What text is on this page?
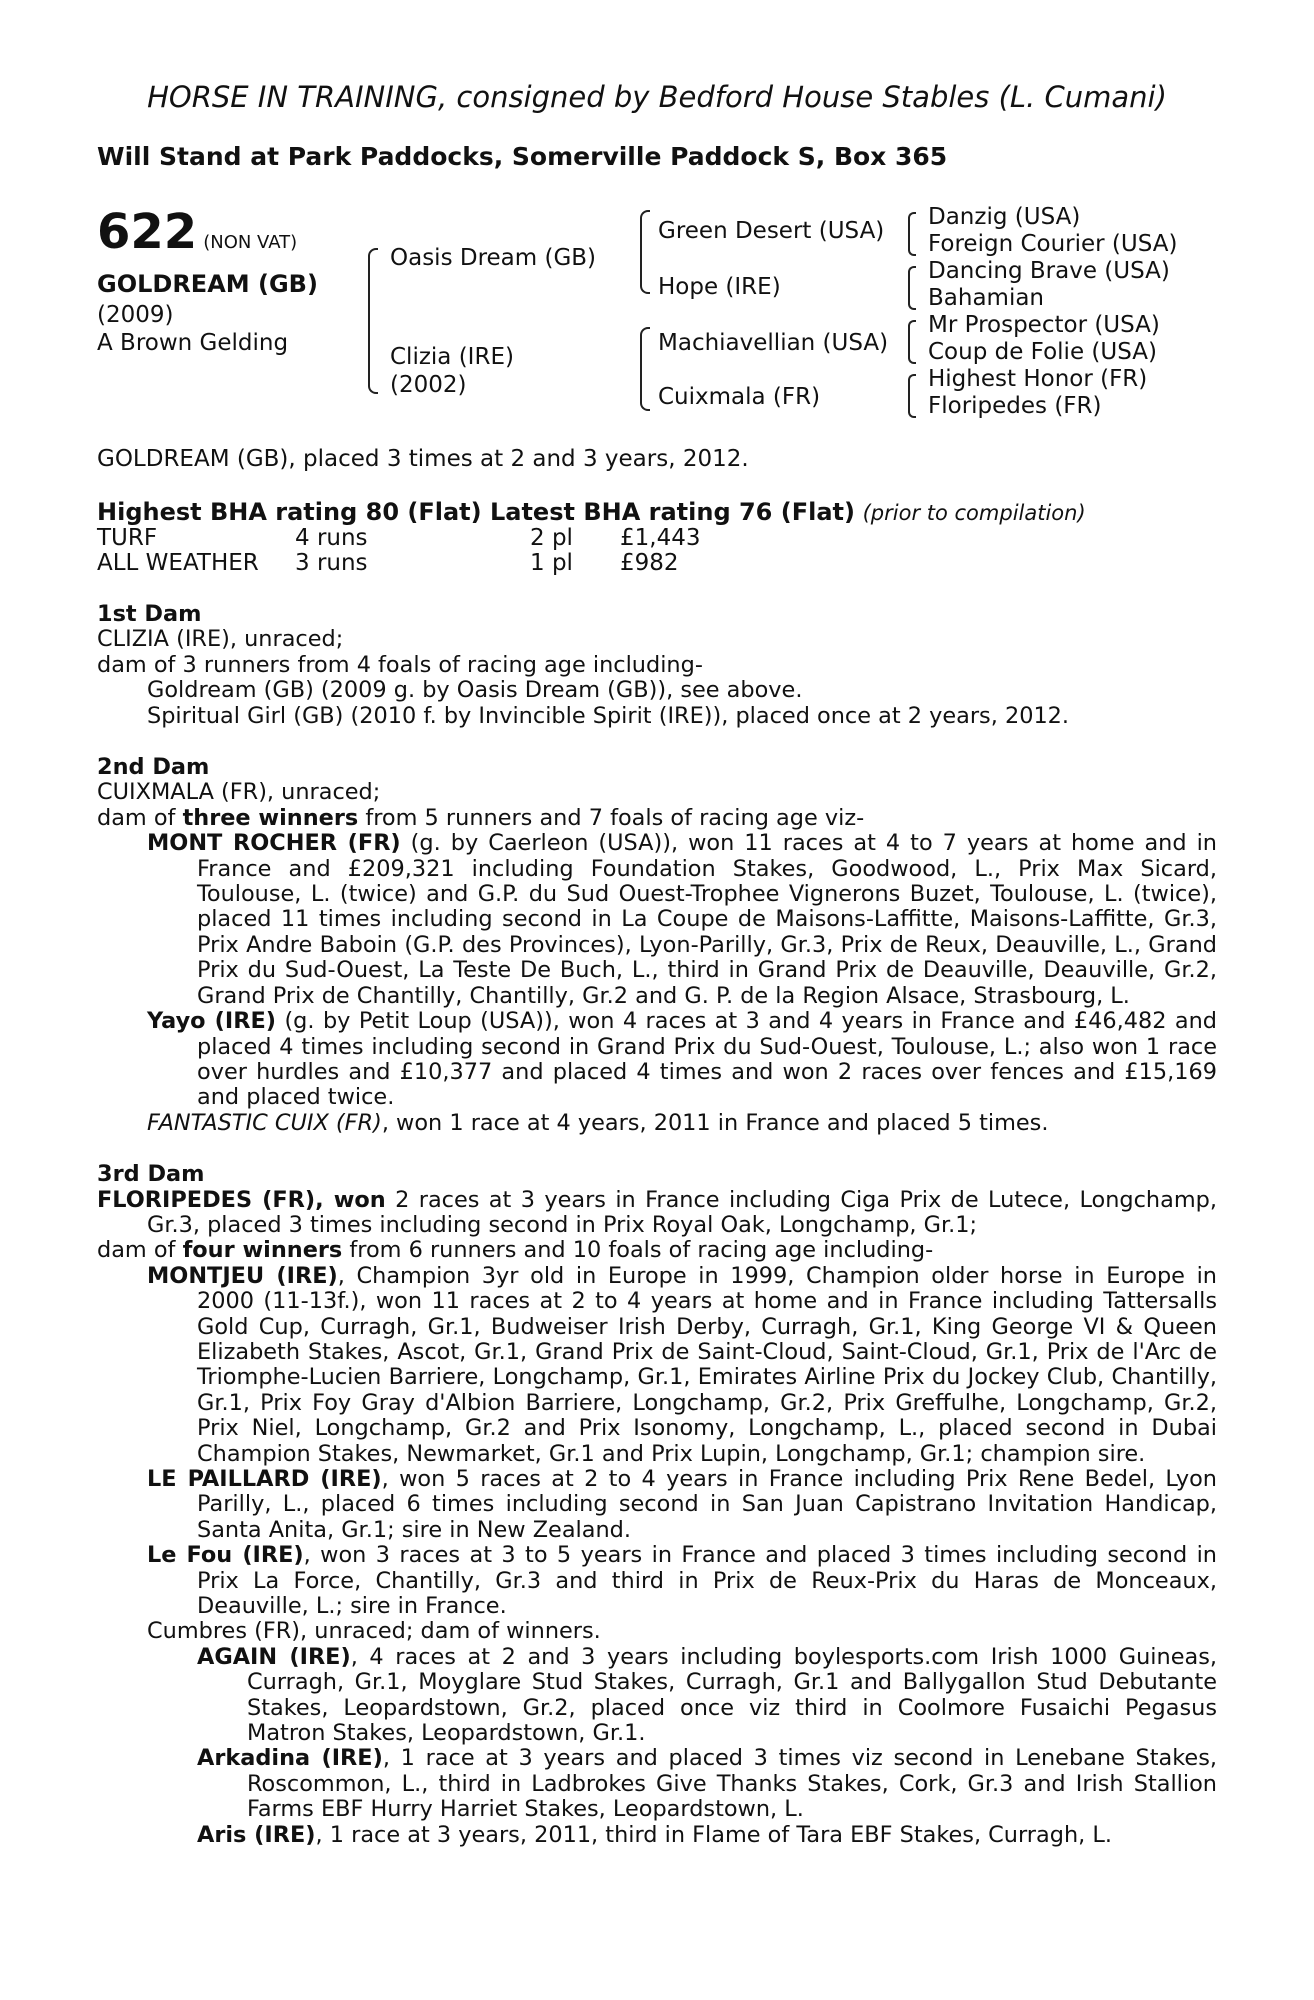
HORSE IN TRAINING, consigned by Bedford House Stables (L. Cumani)
Will Stand at Park Paddocks, Somerville Paddock S, Box 365
622 (NON VAT)
GOLDREAM (GB)
(2009)
A Brown Gelding
Oasis Dream (GB)
Clizia (IRE)
(2002)
Green Desert (USA)
Hope (IRE)
Machiavellian (USA)
Cuixmala (FR)
Danzig (USA)
Foreign Courier (USA)
Dancing Brave (USA)
Bahamian
Mr Prospector (USA)
Coup de Folie (USA)
Highest Honor (FR)
Floripedes (FR)
GOLDREAM (GB), placed 3 times at 2 and 3 years, 2012.
Highest BHA rating 80 (Flat) Latest BHA rating 76 (Flat) (prior to compilation)
TURF	4 runs	2 pl £1,443
ALL WEATHER 3 runs	1 pl £982

1st Dam

CLIZIA (IRE), unraced;

dam of 3 runners from 4 foals of racing age including-

Goldream (GB) (2009 g. by Oasis Dream (GB)), see above.

Spiritual Girl (GB) (2010 f. by Invincible Spirit (IRE)), placed once at 2 years, 2012.

2nd Dam

CUIXMALA (FR), unraced;

dam of three winners from 5 runners and 7 foals of racing age viz-

MONT ROCHER (FR) (g. by Caerleon (USA)), won 11 races at 4 to 7 years at home and in France and £209,321 including Foundation Stakes, Goodwood, L., Prix Max Sicard, Toulouse, L. (twice) and G.P. du Sud Ouest-Trophee Vignerons Buzet, Toulouse, L. (twice), placed 11 times including second in La Coupe de Maisons-Laffitte, Maisons-Laffitte, Gr.3, Prix Andre Baboin (G.P. des Provinces), Lyon-Parilly, Gr.3, Prix de Reux, Deauville, L., Grand Prix du Sud-Ouest, La Teste De Buch, L., third in Grand Prix de Deauville, Deauville, Gr.2, Grand Prix de Chantilly, Chantilly, Gr.2 and G. P. de la Region Alsace, Strasbourg, L.

Yayo (IRE) (g. by Petit Loup (USA)), won 4 races at 3 and 4 years in France and £46,482 and placed 4 times including second in Grand Prix du Sud-Ouest, Toulouse, L.; also won 1 race over hurdles and £10,377 and placed 4 times and won 2 races over fences and £15,169 and placed twice.

FANTASTIC CUIX (FR), won 1 race at 4 years, 2011 in France and placed 5 times.

3rd Dam

FLORIPEDES (FR), won 2 races at 3 years in France including Ciga Prix de Lutece, Longchamp, Gr.3, placed 3 times including second in Prix Royal Oak, Longchamp, Gr.1;

dam of four winners from 6 runners and 10 foals of racing age including-

MONTJEU (IRE), Champion 3yr old in Europe in 1999, Champion older horse in Europe in 2000 (11-13f.), won 11 races at 2 to 4 years at home and in France including Tattersalls Gold Cup, Curragh, Gr.1, Budweiser Irish Derby, Curragh, Gr.1, King George VI & Queen Elizabeth Stakes, Ascot, Gr.1, Grand Prix de Saint-Cloud, Saint-Cloud, Gr.1, Prix de l'Arc de Triomphe-Lucien Barriere, Longchamp, Gr.1, Emirates Airline Prix du Jockey Club, Chantilly, Gr.1, Prix Foy Gray d'Albion Barriere, Longchamp, Gr.2, Prix Greffulhe, Longchamp, Gr.2, Prix Niel, Longchamp, Gr.2 and Prix Isonomy, Longchamp, L., placed second in Dubai Champion Stakes, Newmarket, Gr.1 and Prix Lupin, Longchamp, Gr.1; champion sire.

LE PAILLARD (IRE), won 5 races at 2 to 4 years in France including Prix Rene Bedel, Lyon Parilly, L., placed 6 times including second in San Juan Capistrano Invitation Handicap, Santa Anita, Gr.1; sire in New Zealand.

Le Fou (IRE), won 3 races at 3 to 5 years in France and placed 3 times including second in Prix La Force, Chantilly, Gr.3 and third in Prix de Reux-Prix du Haras de Monceaux, Deauville, L.; sire in France.

Cumbres (FR), unraced; dam of winners.

AGAIN (IRE), 4 races at 2 and 3 years including boylesports.com Irish 1000 Guineas, Curragh, Gr.1, Moyglare Stud Stakes, Curragh, Gr.1 and Ballygallon Stud Debutante Stakes, Leopardstown, Gr.2, placed once viz third in Coolmore Fusaichi Pegasus Matron Stakes, Leopardstown, Gr.1.

Arkadina (IRE), 1 race at 3 years and placed 3 times viz second in Lenebane Stakes, Roscommon, L., third in Ladbrokes Give Thanks Stakes, Cork, Gr.3 and Irish Stallion Farms EBF Hurry Harriet Stakes, Leopardstown, L.

Aris (IRE), 1 race at 3 years, 2011, third in Flame of Tara EBF Stakes, Curragh, L.
